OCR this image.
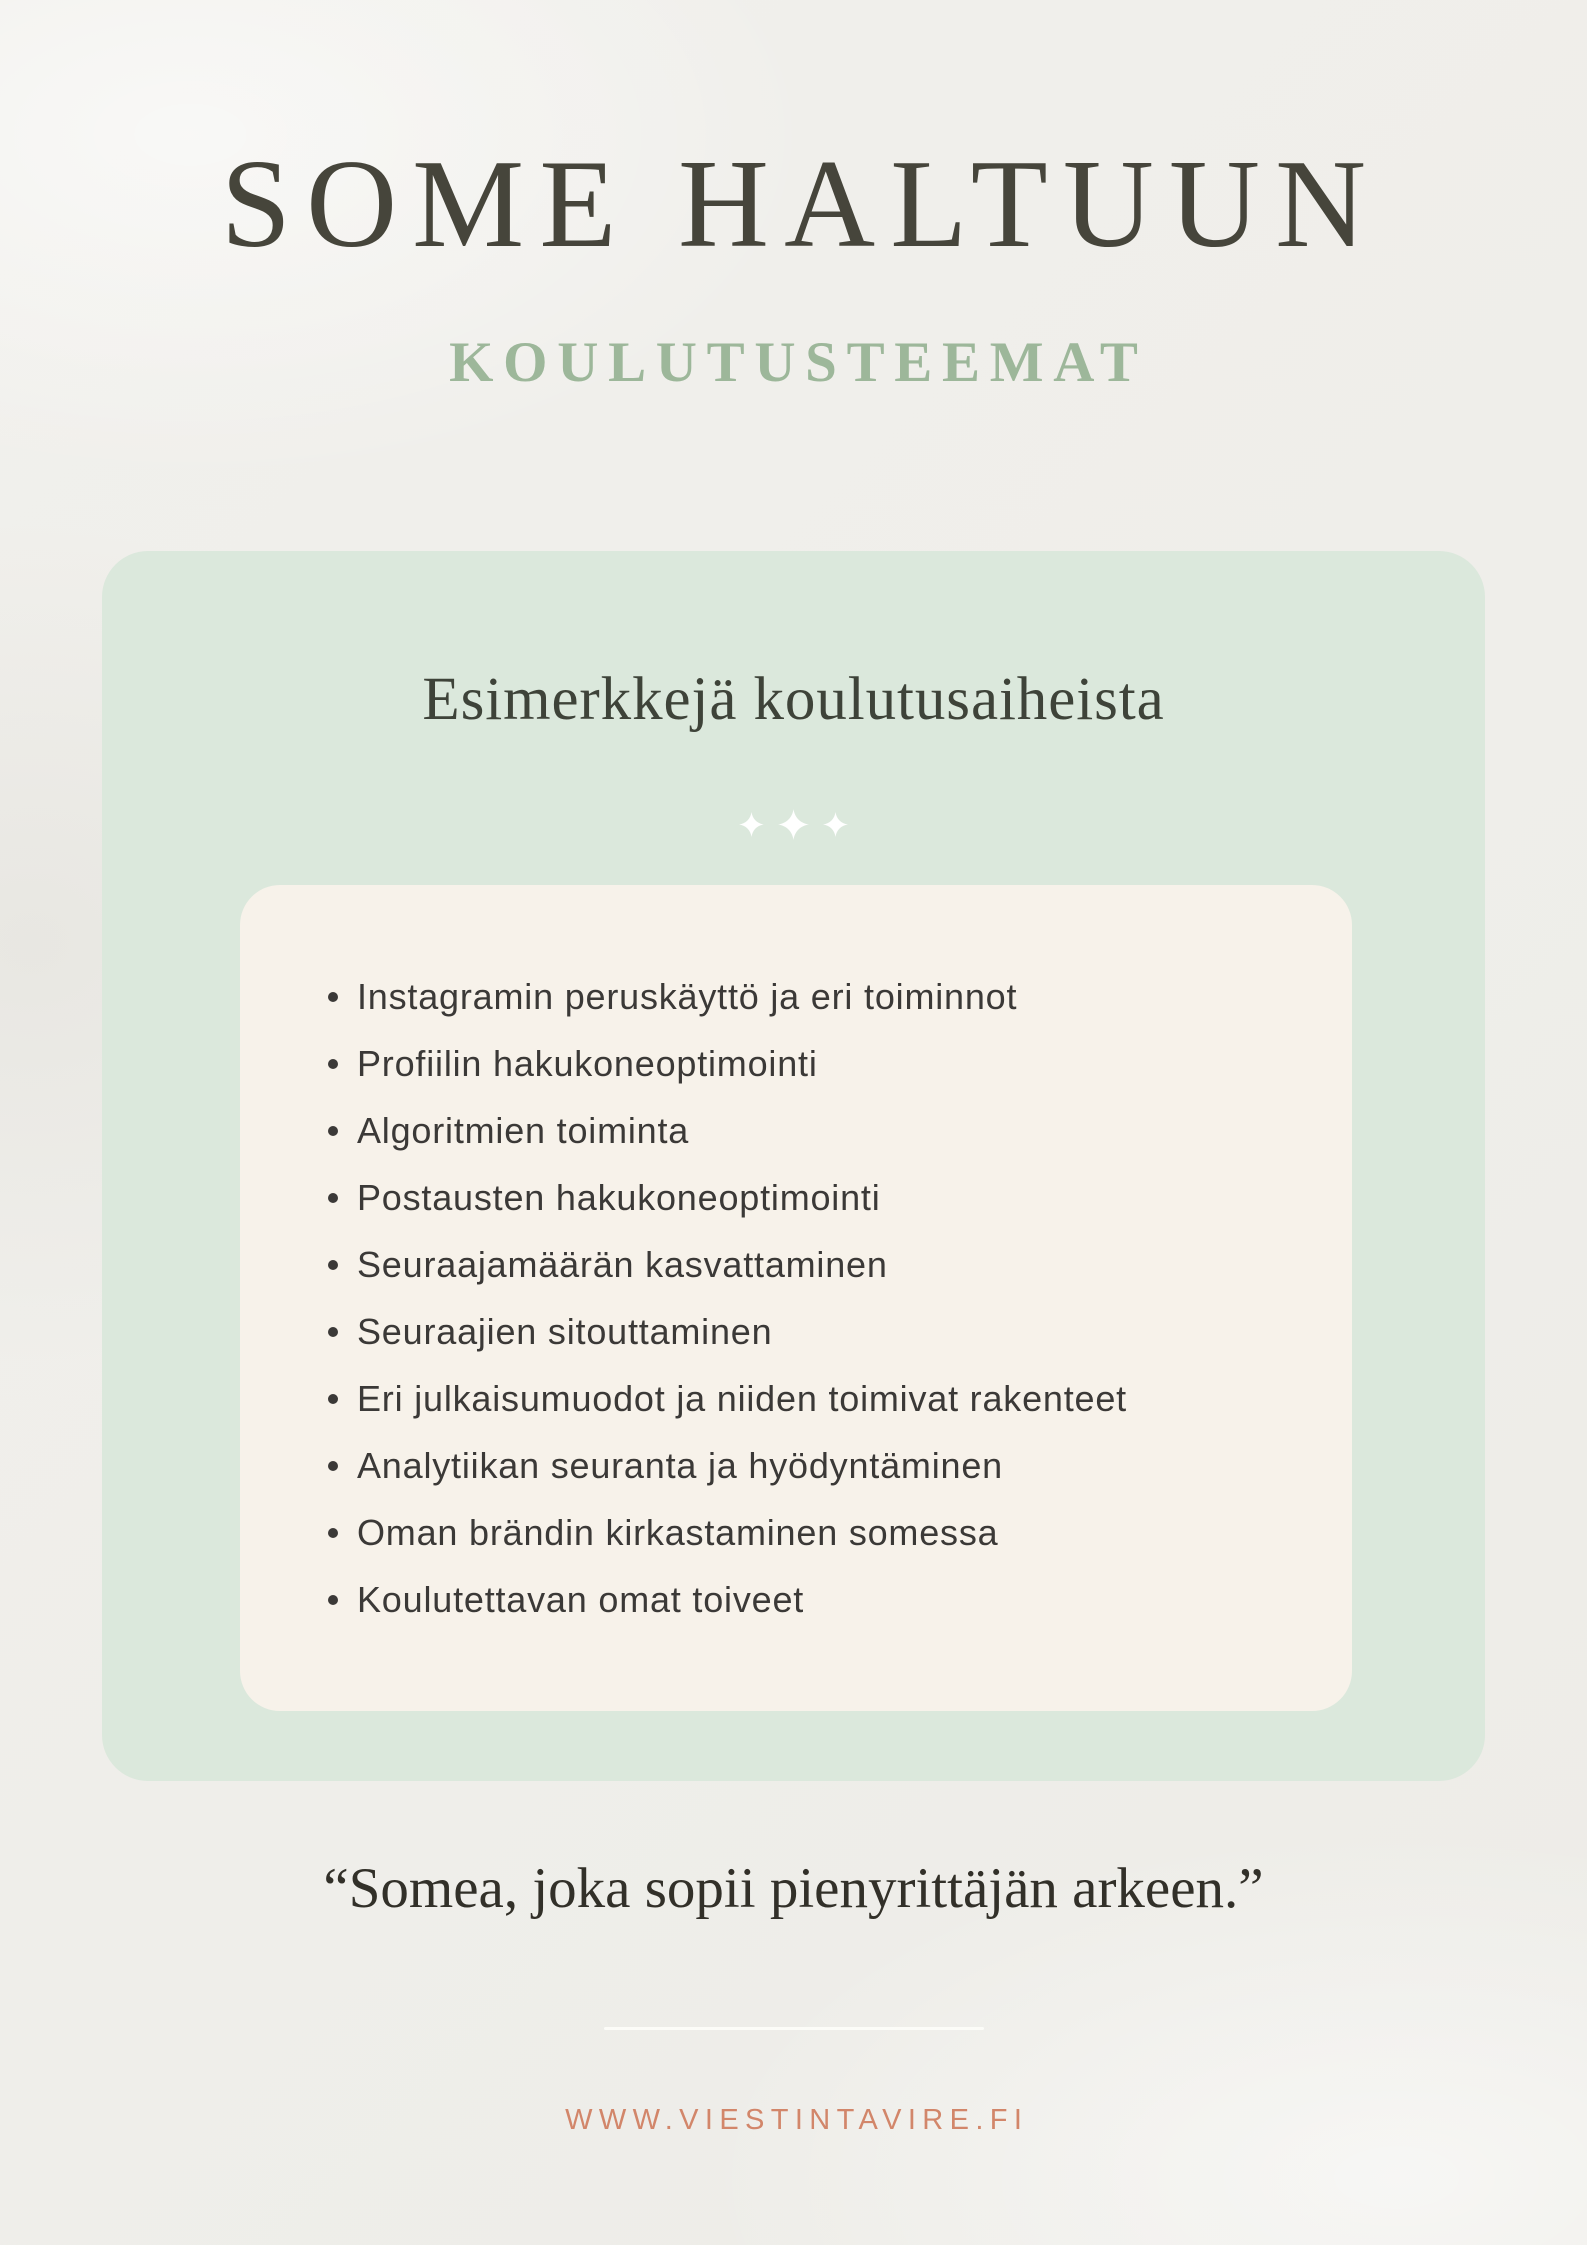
SOME HALTUUN
KOULUTUSTEEMAT
Esimerkkejä koulutusaiheista
Instagramin peruskäyttö ja eri toiminnot
Profiilin hakukoneoptimointi
Algoritmien toiminta
Postausten hakukoneoptimointi
Seuraajamäärän kasvattaminen
Seuraajien sitouttaminen
Eri julkaisumuodot ja niiden toimivat rakenteet
Analytiikan seuranta ja hyödyntäminen
Oman brändin kirkastaminen somessa
Koulutettavan omat toiveet

“Somea, joka sopii pienyrittäjän arkeen.”

WWW.VIESTINTAVIRE.FI
